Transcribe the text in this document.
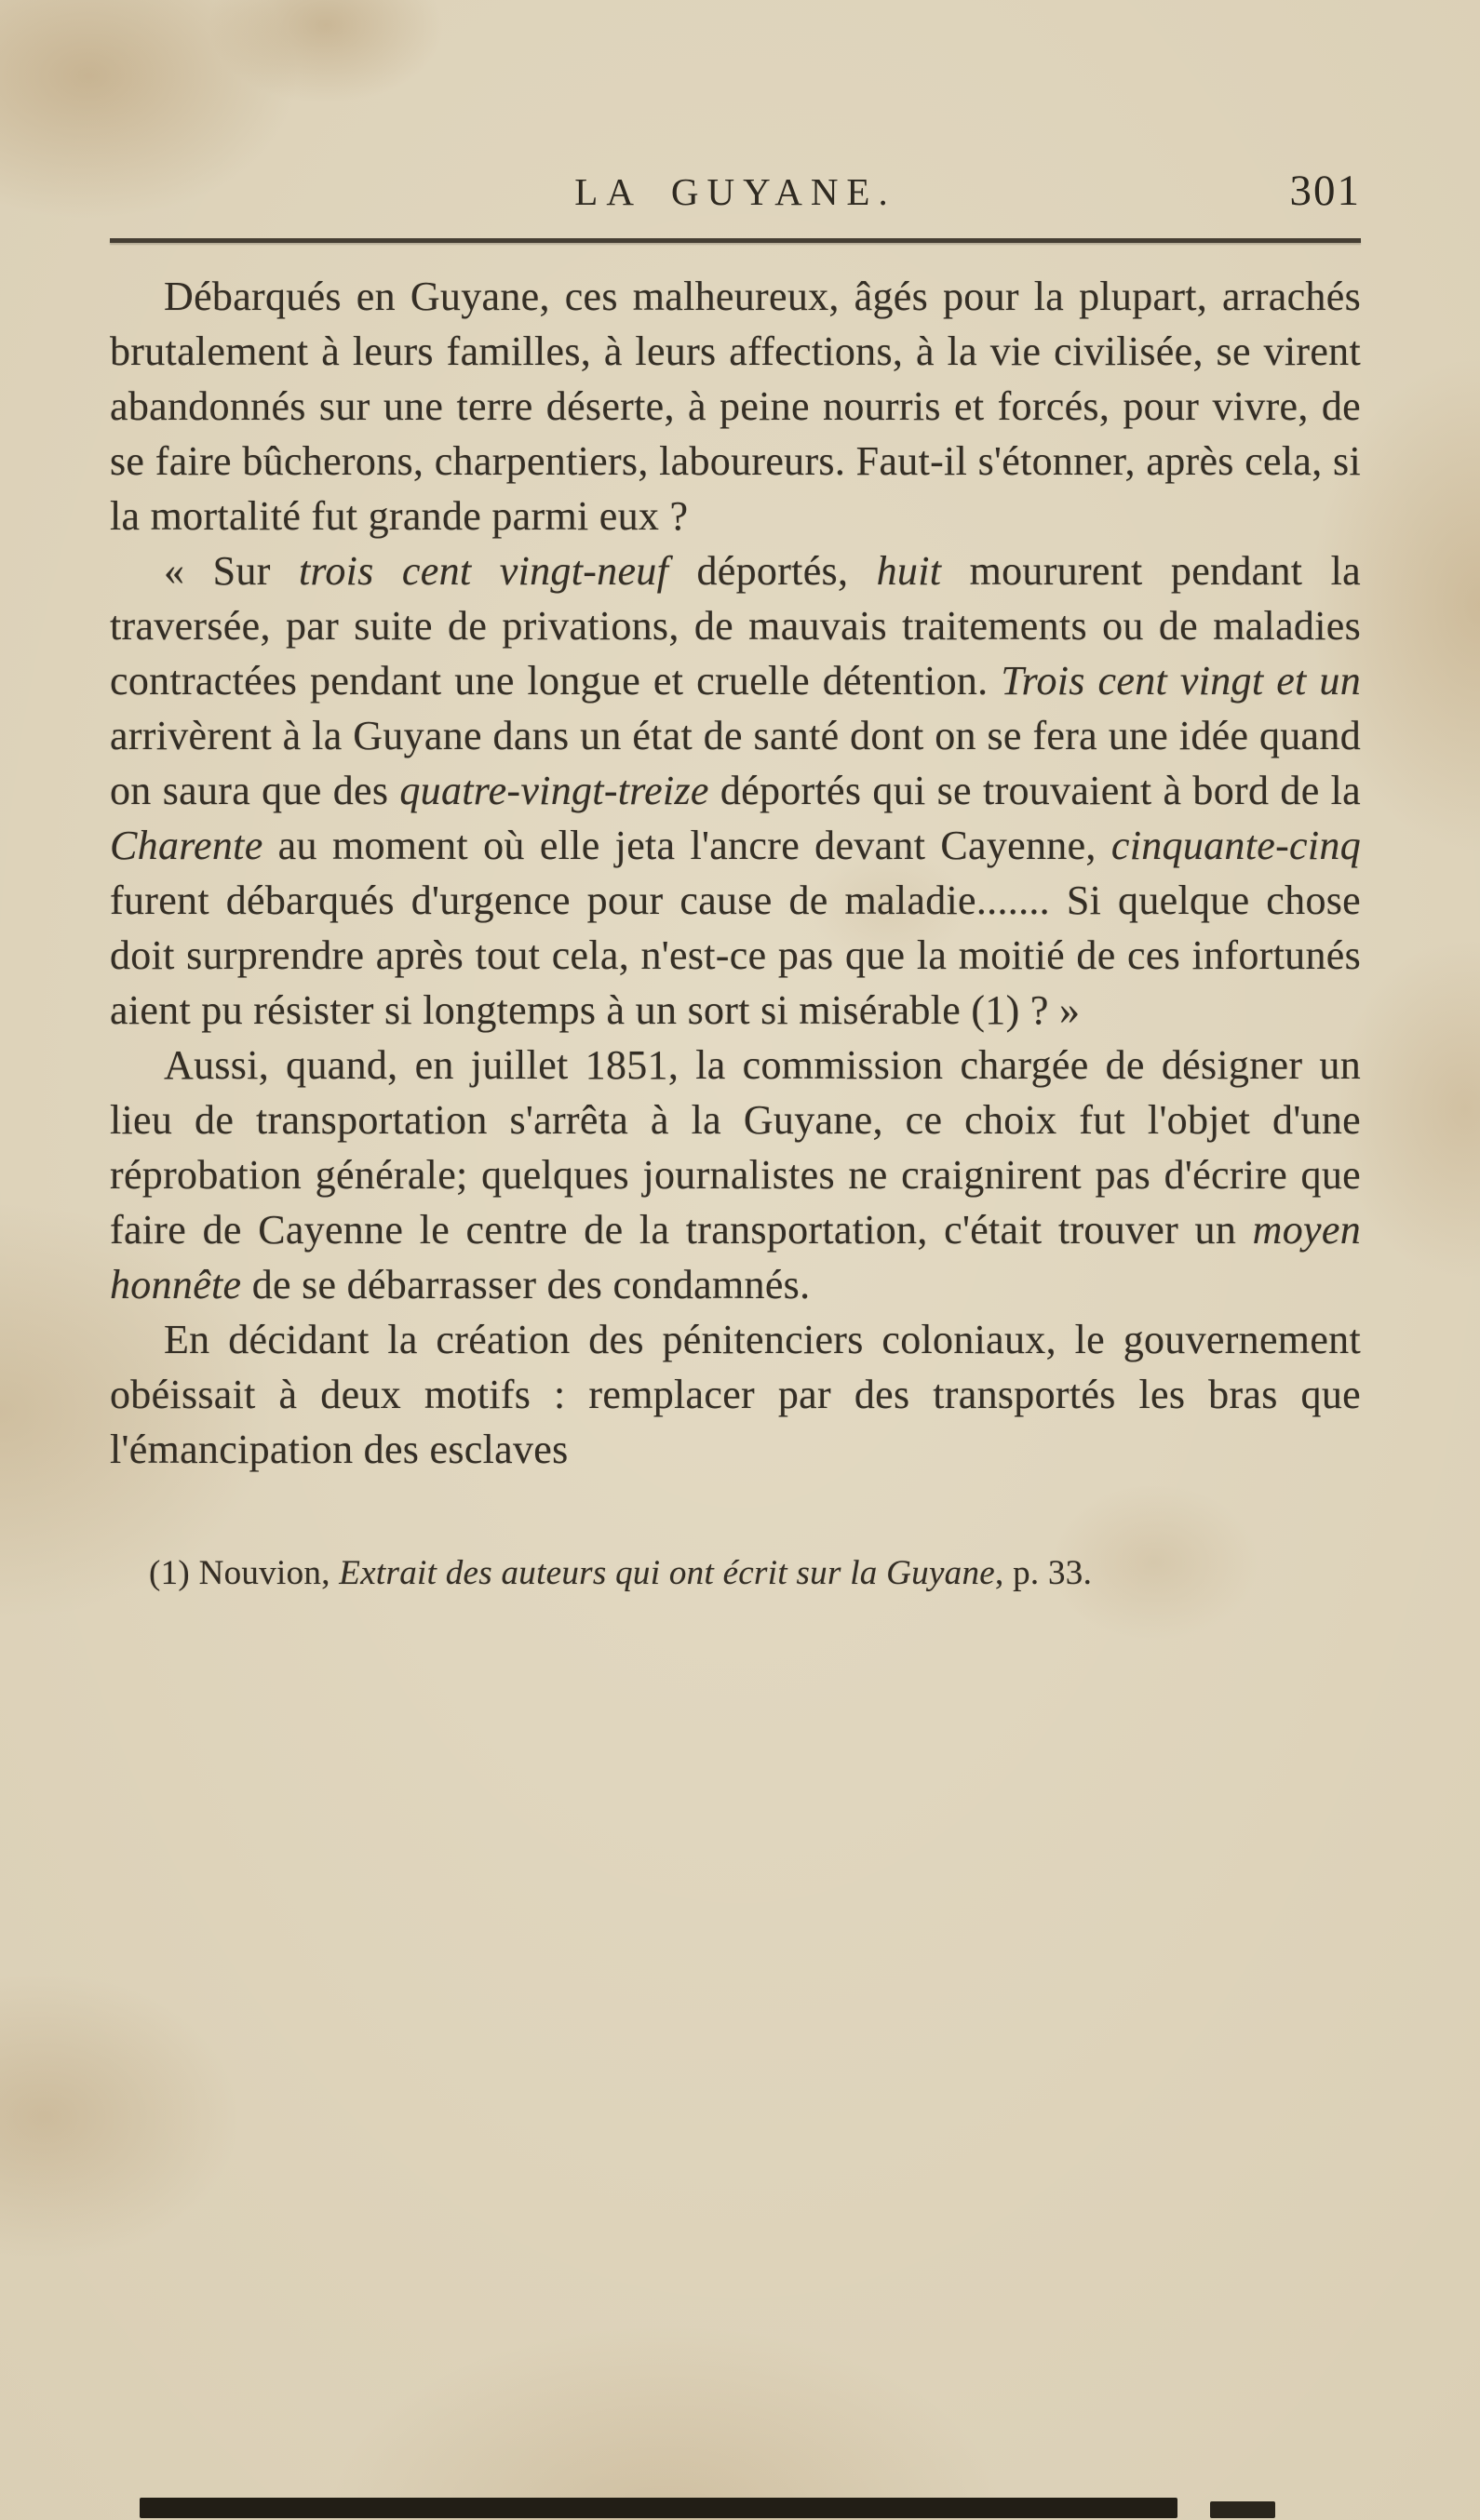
LA GUYANE.	301

Débarqués en Guyane, ces malheureux, âgés pour la plupart, arrachés brutalement à leurs familles, à leurs affections, à la vie civilisée, se virent abandonnés sur une terre déserte, à peine nourris et forcés, pour vivre, de se faire bûcherons, charpentiers, laboureurs. Faut-il s'étonner, après cela, si la mortalité fut grande parmi eux ?

« Sur trois cent vingt-neuf déportés, huit moururent pendant la traversée, par suite de privations, de mauvais traitements ou de maladies contractées pendant une longue et cruelle détention. Trois cent vingt et un arrivèrent à la Guyane dans un état de santé dont on se fera une idée quand on saura que des quatre-vingt-treize déportés qui se trouvaient à bord de la Charente au moment où elle jeta l'ancre devant Cayenne, cinquante-cinq furent débarqués d'urgence pour cause de maladie....... Si quelque chose doit surprendre après tout cela, n'est-ce pas que la moitié de ces infortunés aient pu résister si longtemps à un sort si misérable (1) ? »

Aussi, quand, en juillet 1851, la commission chargée de désigner un lieu de transportation s'arrêta à la Guyane, ce choix fut l'objet d'une réprobation générale; quelques journalistes ne craignirent pas d'écrire que faire de Cayenne le centre de la transportation, c'était trouver un moyen honnête de se débarrasser des condamnés.

En décidant la création des pénitenciers coloniaux, le gouvernement obéissait à deux motifs : remplacer par des transportés les bras que l'émancipation des esclaves

(1) Nouvion, Extrait des auteurs qui ont écrit sur la Guyane, p. 33.
